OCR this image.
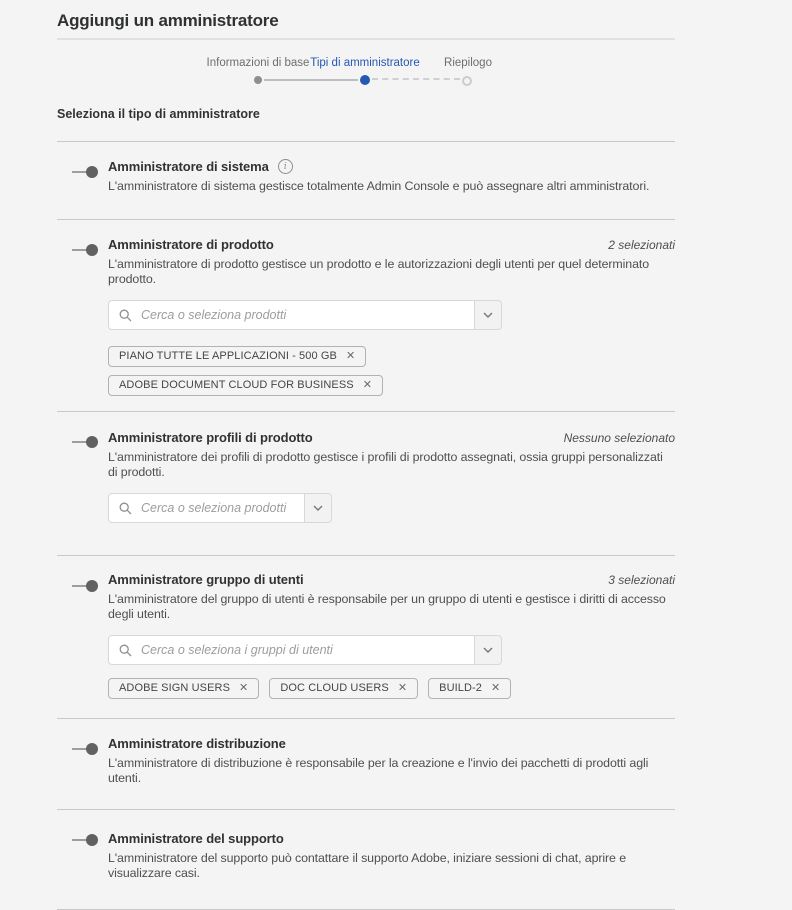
Aggiungi un amministratore
Informazioni di base Tipi di amministratore Riepilogo
Seleziona il tipo di amministratore
Amministratore di sistema	i
L'amministratore di sistema gestisce totalmente Admin Console e può assegnare altri amministratori.
Amministratore di prodotto	2 selezionati
L'amministratore di prodotto gestisce un prodotto e le autorizzazioni degli utenti per quel determinato prodotto.
Cerca o seleziona prodotti
PIANO TUTTE LE APPLICAZIONI - 500 GB ✕
ADOBE DOCUMENT CLOUD FOR BUSINESS ✕
Amministratore profili di prodotto	Nessuno selezionato
L'amministratore dei profili di prodotto gestisce i profili di prodotto assegnati, ossia gruppi personalizzati di prodotti.
Cerca o seleziona prodotti
Amministratore gruppo di utenti	3 selezionati
L'amministratore del gruppo di utenti è responsabile per un gruppo di utenti e gestisce i diritti di accesso degli utenti.
Cerca o seleziona i gruppi di utenti
ADOBE SIGN USERS ✕	DOC CLOUD USERS ✕	BUILD-2 ✕
Amministratore distribuzione
L'amministratore di distribuzione è responsabile per la creazione e l'invio dei pacchetti di prodotti agli utenti.
Amministratore del supporto
L'amministratore del supporto può contattare il supporto Adobe, iniziare sessioni di chat, aprire e visualizzare casi.
